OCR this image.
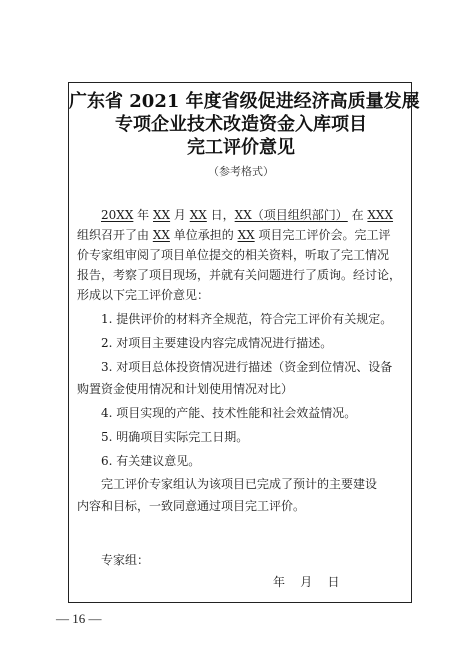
广东省 2021 年度省级促进经济高质量发展
专项企业技术改造资金入库项目
完工评价意见
（参考格式）
20XX 年 XX 月 XX 日，XX（项目组织部门） 在 XXX
组织召开了由 XX 单位承担的 XX 项目完工评价会。完工评
价专家组审阅了项目单位提交的相关资料，听取了完工情况
报告，考察了项目现场，并就有关问题进行了质询。经讨论，
形成以下完工评价意见：
1. 提供评价的材料齐全规范，符合完工评价有关规定。
2. 对项目主要建设内容完成情况进行描述。
3. 对项目总体投资情况进行描述（资金到位情况、设备
购置资金使用情况和计划使用情况对比）
4. 项目实现的产能、技术性能和社会效益情况。
5. 明确项目实际完工日期。
6. 有关建议意见。
完工评价专家组认为该项目已完成了预计的主要建设
内容和目标，一致同意通过项目完工评价。
专家组：
年    月    日
— 16 —
